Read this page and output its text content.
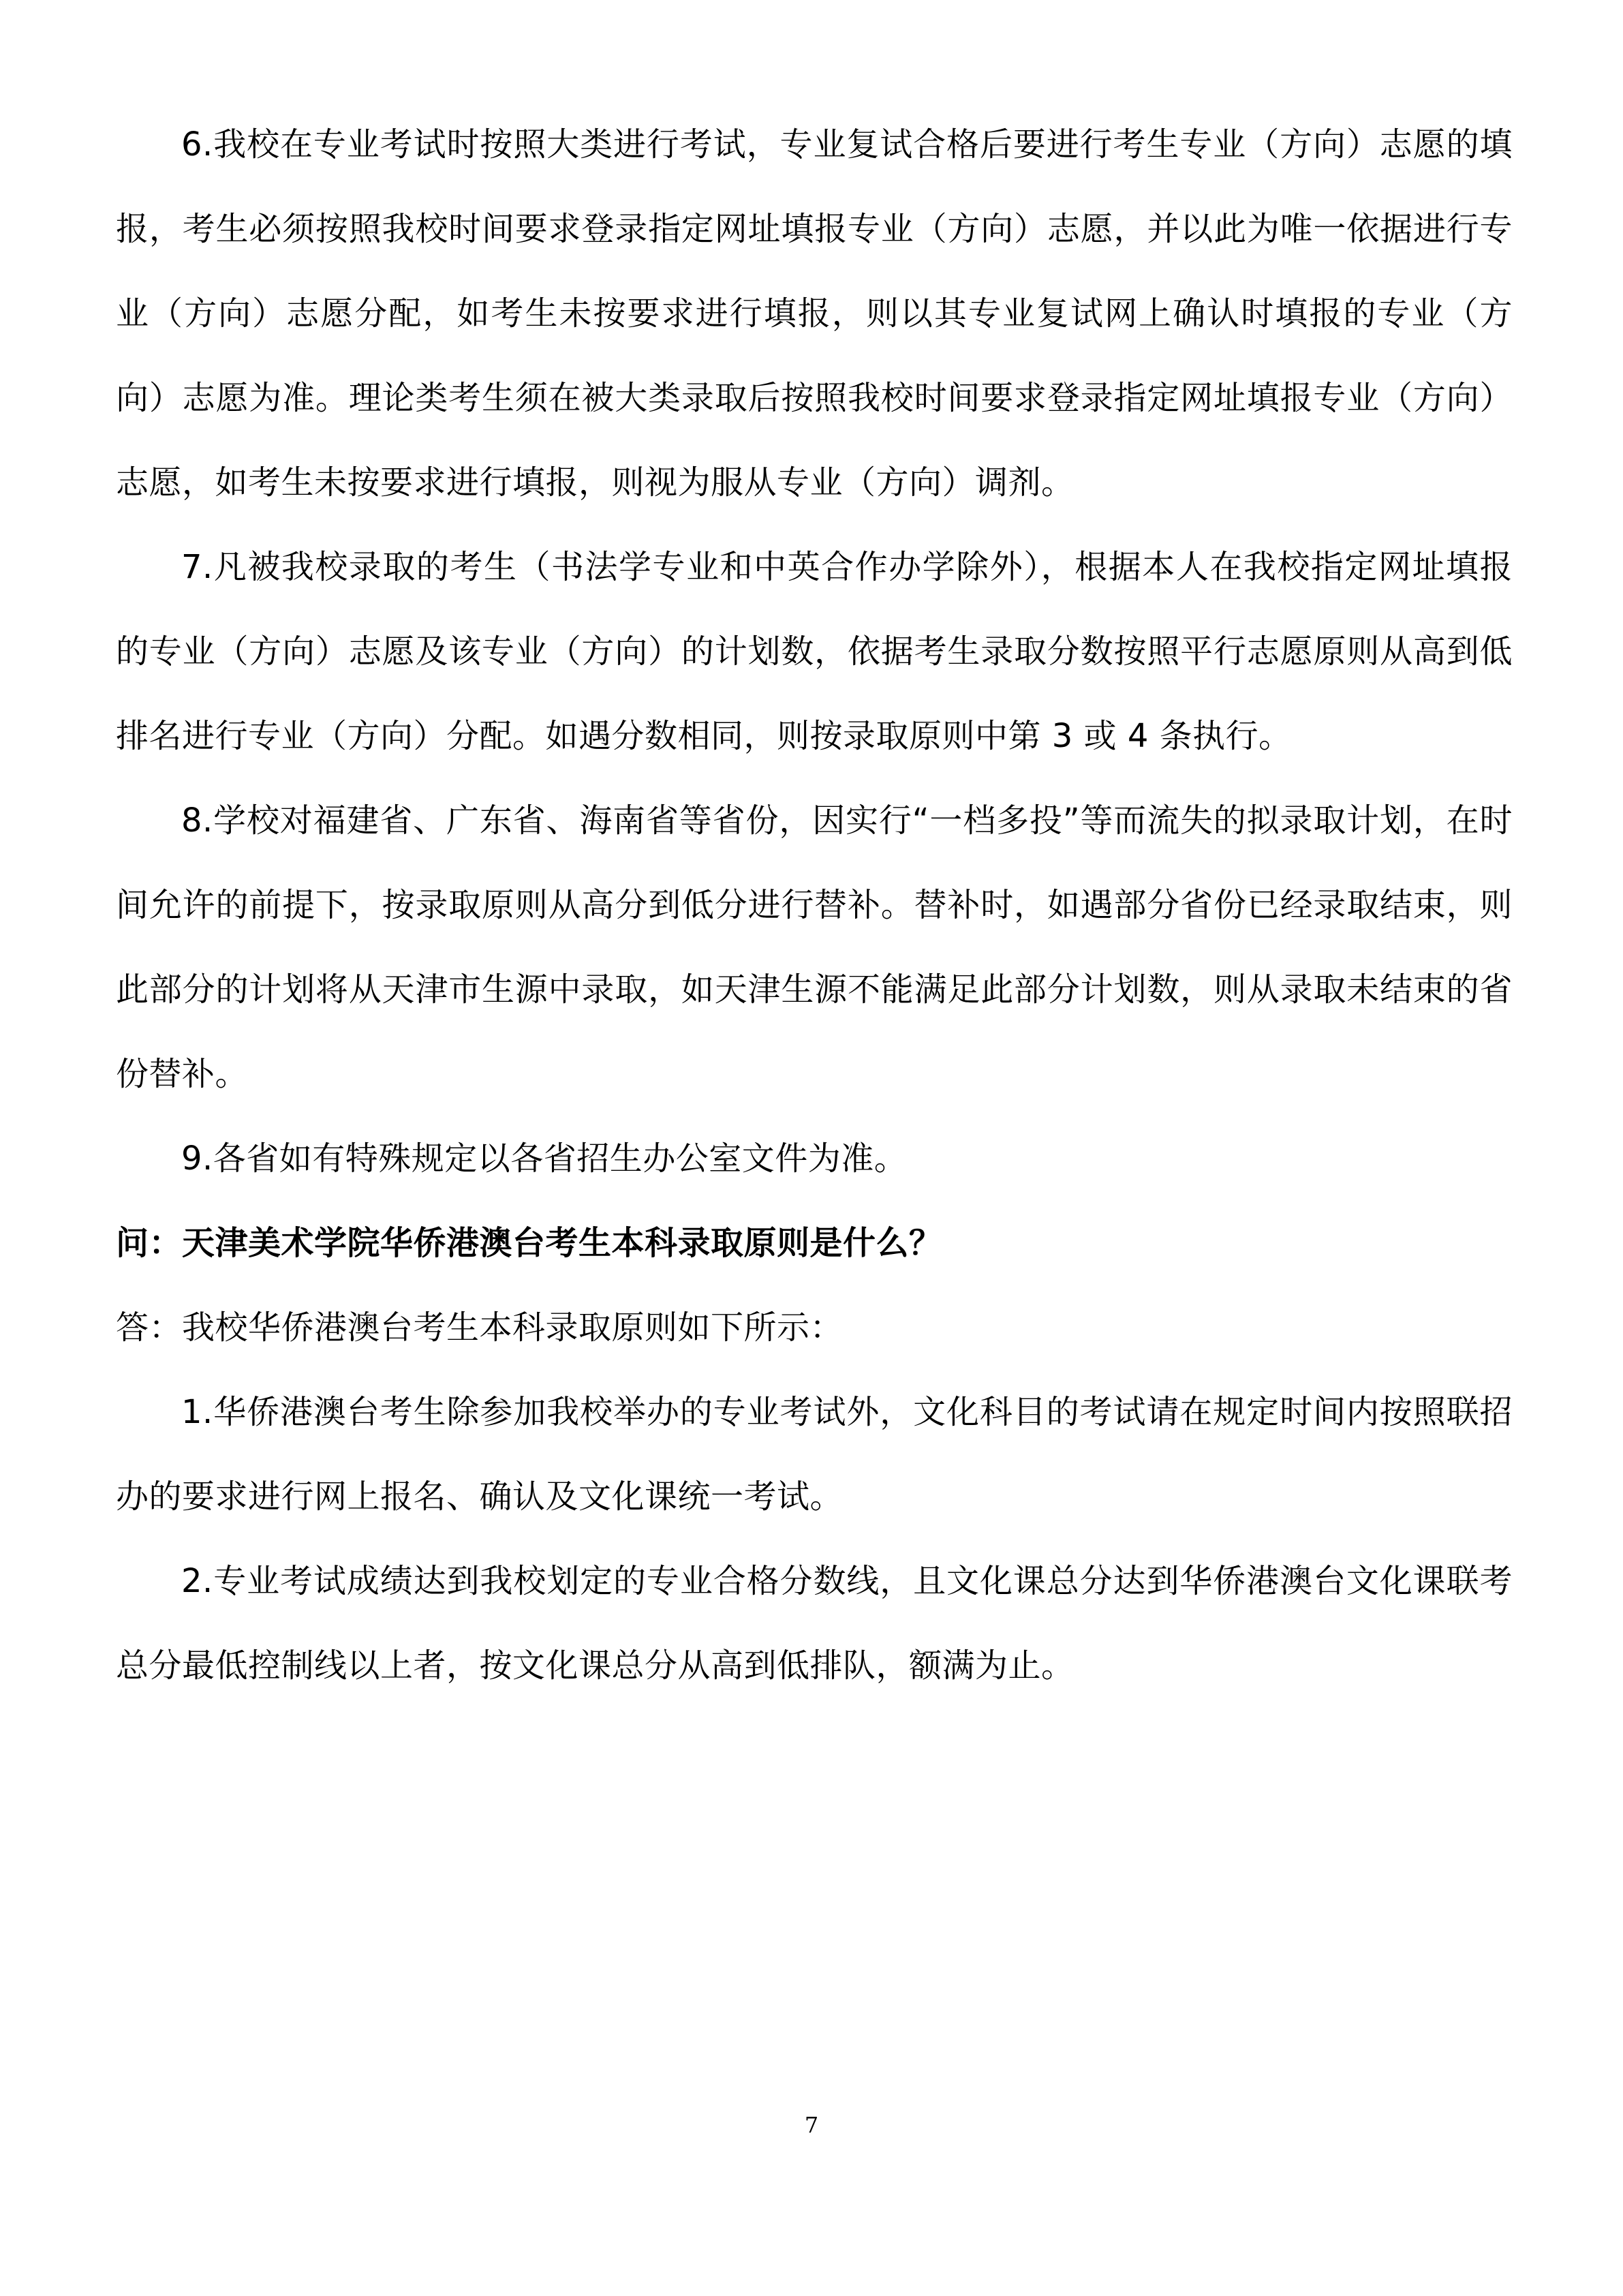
6.我校在专业考试时按照大类进行考试，专业复试合格后要进行考生专业（方向）志愿的填报，考生必须按照我校时间要求登录指定网址填报专业（方向）志愿，并以此为唯一依据进行专业（方向）志愿分配，如考生未按要求进行填报，则以其专业复试网上确认时填报的专业（方向）志愿为准。理论类考生须在被大类录取后按照我校时间要求登录指定网址填报专业（方向）志愿，如考生未按要求进行填报，则视为服从专业（方向）调剂。

7.凡被我校录取的考生（书法学专业和中英合作办学除外），根据本人在我校指定网址填报的专业（方向）志愿及该专业（方向）的计划数，依据考生录取分数按照平行志愿原则从高到低排名进行专业（方向）分配。如遇分数相同，则按录取原则中第 3 或 4 条执行。

8.学校对福建省、广东省、海南省等省份，因实行“一档多投”等而流失的拟录取计划，在时间允许的前提下，按录取原则从高分到低分进行替补。替补时，如遇部分省份已经录取结束，则此部分的计划将从天津市生源中录取，如天津生源不能满足此部分计划数，则从录取未结束的省份替补。

9.各省如有特殊规定以各省招生办公室文件为准。

问：天津美术学院华侨港澳台考生本科录取原则是什么？

答：我校华侨港澳台考生本科录取原则如下所示：

1.华侨港澳台考生除参加我校举办的专业考试外，文化科目的考试请在规定时间内按照联招办的要求进行网上报名、确认及文化课统一考试。

2.专业考试成绩达到我校划定的专业合格分数线，且文化课总分达到华侨港澳台文化课联考总分最低控制线以上者，按文化课总分从高到低排队，额满为止。

7
